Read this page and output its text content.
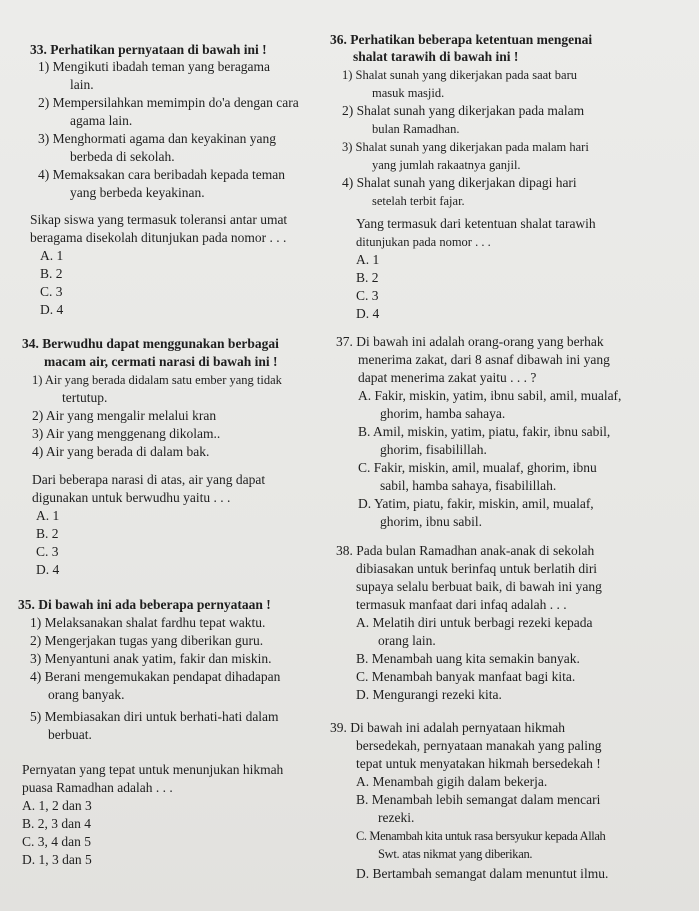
33. Perhatikan pernyataan di bawah ini !
1) Mengikuti ibadah teman yang beragama
lain.
2) Mempersilahkan memimpin do'a dengan cara
agama lain.
3) Menghormati agama dan keyakinan yang
berbeda di sekolah.
4) Memaksakan cara beribadah kepada teman
yang berbeda keyakinan.
Sikap siswa yang termasuk toleransi antar umat
beragama disekolah ditunjukan pada nomor . . .
A. 1
B. 2
C. 3
D. 4
34. Berwudhu dapat menggunakan berbagai
macam air, cermati narasi di bawah ini !
1) Air yang berada didalam satu ember yang tidak
tertutup.
2) Air yang mengalir melalui kran
3) Air yang menggenang dikolam..
4) Air yang berada di dalam bak.
Dari beberapa narasi di atas, air yang dapat
digunakan untuk berwudhu yaitu . . .
A. 1
B. 2
C. 3
D. 4
35. Di bawah ini ada beberapa pernyataan !
1) Melaksanakan shalat fardhu tepat waktu.
2) Mengerjakan tugas yang diberikan guru.
3) Menyantuni anak yatim, fakir dan miskin.
4) Berani mengemukakan pendapat dihadapan
orang banyak.
5) Membiasakan diri untuk berhati-hati dalam
berbuat.
Pernyatan yang tepat untuk menunjukan hikmah
puasa Ramadhan adalah . . .
A. 1, 2 dan 3
B. 2, 3 dan 4
C. 3, 4 dan 5
D. 1, 3 dan 5
36. Perhatikan beberapa ketentuan mengenai
shalat tarawih di bawah ini !
1) Shalat sunah yang dikerjakan pada saat baru
masuk masjid.
2) Shalat sunah yang dikerjakan pada malam
bulan Ramadhan.
3) Shalat sunah yang dikerjakan pada malam hari
yang jumlah rakaatnya ganjil.
4) Shalat sunah yang dikerjakan dipagi hari
setelah terbit fajar.
Yang termasuk dari ketentuan shalat tarawih
ditunjukan pada nomor . . .
A. 1
B. 2
C. 3
D. 4
37. Di bawah ini adalah orang-orang yang berhak
menerima zakat, dari 8 asnaf dibawah ini yang
dapat menerima zakat yaitu . . . ?
A. Fakir, miskin, yatim, ibnu sabil, amil, mualaf,
ghorim, hamba sahaya.
B. Amil, miskin, yatim, piatu, fakir, ibnu sabil,
ghorim, fisabilillah.
C. Fakir, miskin, amil, mualaf, ghorim, ibnu
sabil, hamba sahaya, fisabilillah.
D. Yatim, piatu, fakir, miskin, amil, mualaf,
ghorim, ibnu sabil.
38. Pada bulan Ramadhan anak-anak di sekolah
dibiasakan untuk berinfaq untuk berlatih diri
supaya selalu berbuat baik, di bawah ini yang
termasuk manfaat dari infaq adalah . . .
A. Melatih diri untuk berbagi rezeki kepada
orang lain.
B. Menambah uang kita semakin banyak.
C. Menambah banyak manfaat bagi kita.
D. Mengurangi rezeki kita.
39. Di bawah ini adalah pernyataan hikmah
bersedekah, pernyataan manakah yang paling
tepat untuk menyatakan hikmah bersedekah !
A. Menambah gigih dalam bekerja.
B. Menambah lebih semangat dalam mencari
rezeki.
C. Menambah kita untuk rasa bersyukur kepada Allah
Swt. atas nikmat yang diberikan.
D. Bertambah semangat dalam menuntut ilmu.
